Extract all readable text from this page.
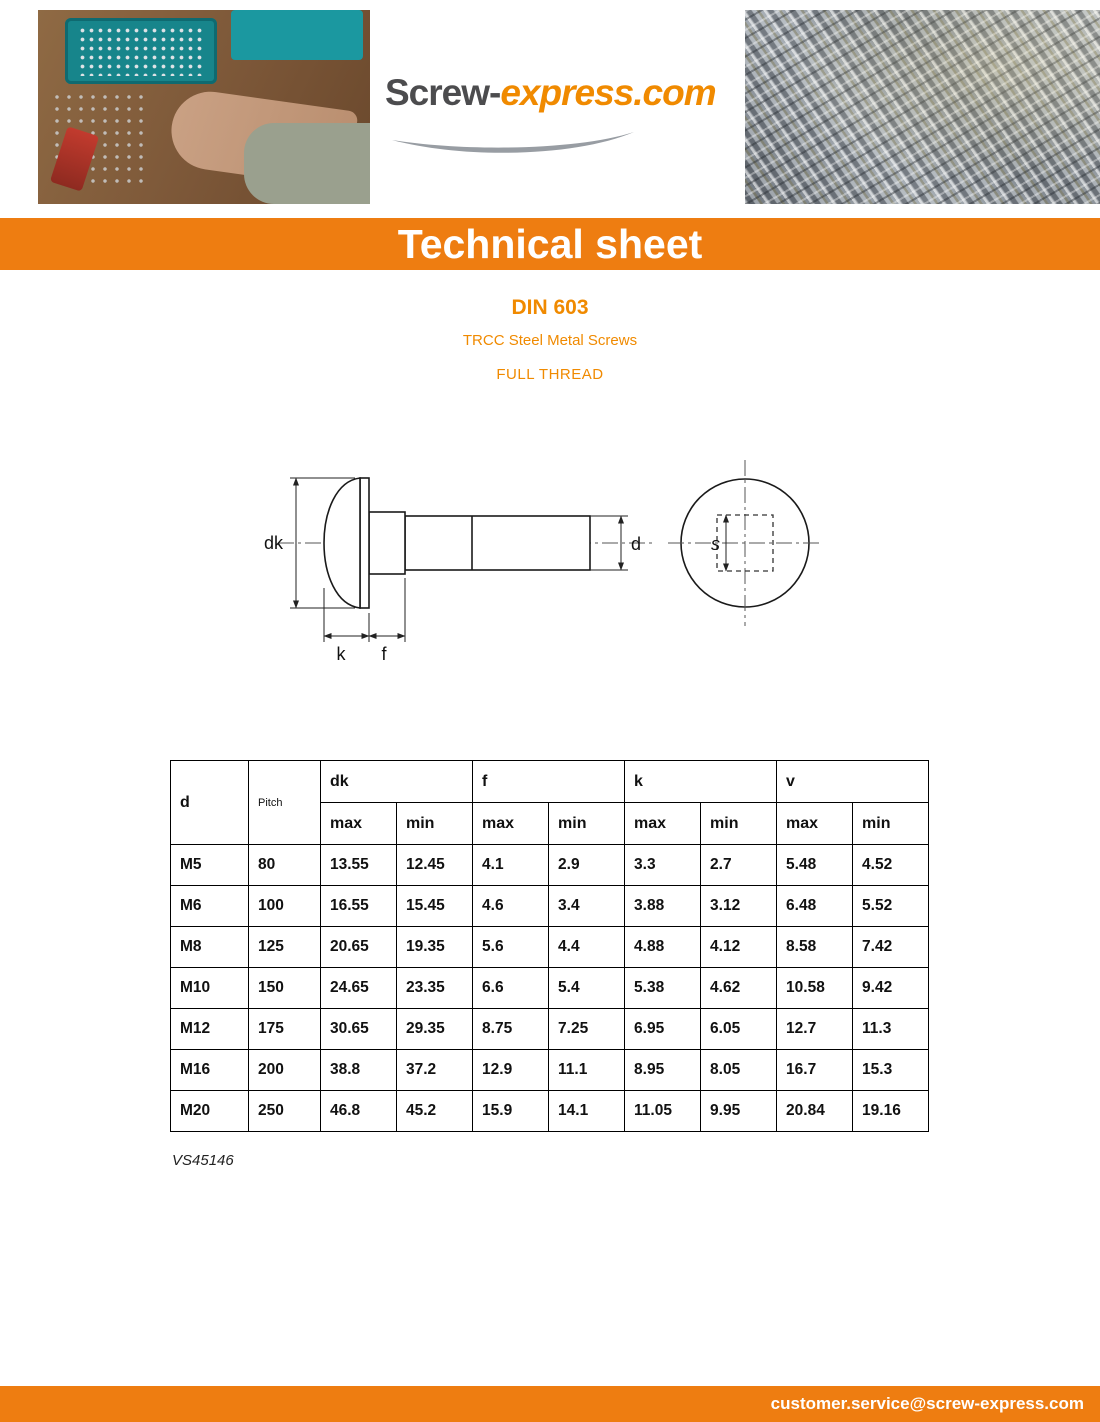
Screw-express.com
Technical sheet
DIN 603
TRCC Steel Metal Screws
FULL THREAD
dk	d
k f
s
d	Pitch	dk		f		k		v	
		max	min	max	min	max	min	max	min
M5	80	13.55	12.45	4.1	2.9	3.3	2.7	5.48	4.52
M6	100	16.55	15.45	4.6	3.4	3.88	3.12	6.48	5.52
M8	125	20.65	19.35	5.6	4.4	4.88	4.12	8.58	7.42
M10	150	24.65	23.35	6.6	5.4	5.38	4.62	10.58	9.42
M12	175	30.65	29.35	8.75	7.25	6.95	6.05	12.7	11.3
M16	200	38.8	37.2	12.9	11.1	8.95	8.05	16.7	15.3
M20	250	46.8	45.2	15.9	14.1	11.05	9.95	20.84	19.16
VS45146
customer.service@screw-express.com
